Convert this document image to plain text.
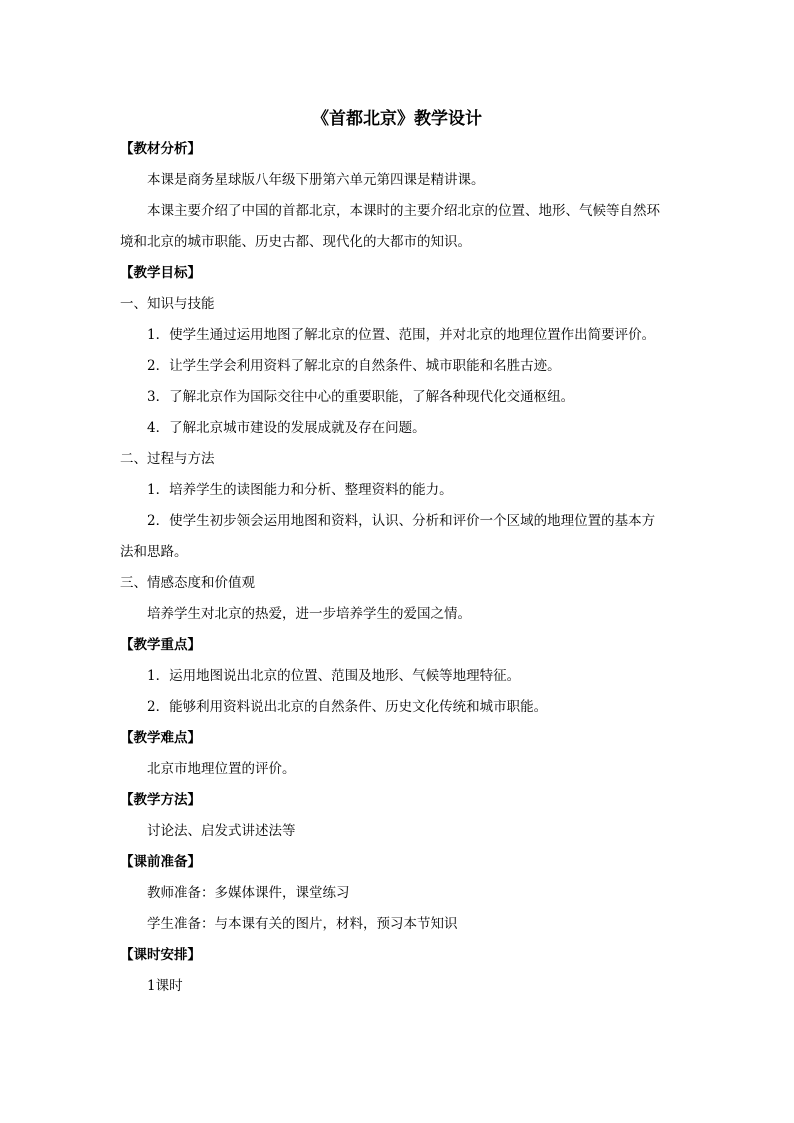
《首都北京》教学设计
【教材分析】
本课是商务星球版八年级下册第六单元第四课是精讲课。
本课主要介绍了中国的首都北京，本课时的主要介绍北京的位置、地形、气候等自然环
境和北京的城市职能、历史古都、现代化的大都市的知识。
【教学目标】
一、知识与技能
1．使学生通过运用地图了解北京的位置、范围，并对北京的地理位置作出简要评价。
2．让学生学会利用资料了解北京的自然条件、城市职能和名胜古迹。
3．了解北京作为国际交往中心的重要职能，了解各种现代化交通枢纽。
4．了解北京城市建设的发展成就及存在问题。
二、过程与方法
1．培养学生的读图能力和分析、整理资料的能力。
2．使学生初步领会运用地图和资料，认识、分析和评价一个区域的地理位置的基本方
法和思路。
三、情感态度和价值观
培养学生对北京的热爱，进一步培养学生的爱国之情。
【教学重点】
1．运用地图说出北京的位置、范围及地形、气候等地理特征。
2．能够利用资料说出北京的自然条件、历史文化传统和城市职能。
【教学难点】
北京市地理位置的评价。
【教学方法】
讨论法、启发式讲述法等
【课前准备】
教师准备：多媒体课件，课堂练习
学生准备：与本课有关的图片，材料，预习本节知识
【课时安排】
1课时
